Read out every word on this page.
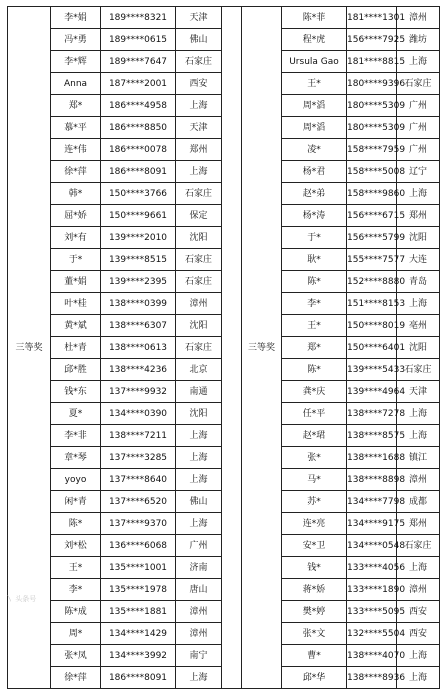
三等奖	李*娟	189****8321	天津		三等奖	陈*菲	181****1301	漳州
	冯*勇	189****0615	佛山			程*虎	156****7925	潍坊
	李*辉	189****7647	石家庄			Ursula Gao	181****8815	上海
	Anna	187****2001	西安			王*	180****9396	石家庄
	郑*	186****4958	上海			周*滔	180****5309	广州
	慕*平	186****8850	天津			周*滔	180****5309	广州
	连*伟	186****0078	郑州			凌*	158****7959	广州
	徐*萍	186****8091	上海			杨*君	158****5008	辽宁
	韩*	150****3766	石家庄			赵*弟	158****9860	上海
	屈*娇	150****9661	保定			杨*涛	156****6715	郑州
	刘*有	139****2010	沈阳			于*	156****5799	沈阳
	于*	139****8515	石家庄			耿*	155****7577	大连
	董*娟	139****2395	石家庄			陈*	152****8880	青岛
	叶*桂	138****0399	漳州			李*	151****8153	上海
	黄*斌	138****6307	沈阳			王*	150****8019	亳州
	杜*青	138****0613	石家庄			郑*	150****6401	沈阳
	邱*胜	138****4236	北京			陈*	139****5433	石家庄
	钱*东	137****9932	南通			龚*庆	139****4964	天津
	夏*	134****0390	沈阳			任*平	138****7278	上海
	李*非	138****7211	上海			赵*珺	138****8575	上海
	章*琴	137****3285	上海			张*	138****1688	镇江
	yoyo	137****8640	上海			马*	138****8898	漳州
	闲*青	137****6520	佛山			苏*	134****7798	成都
	陈*	137****9370	上海			连*亮	134****9175	郑州
	刘*松	136****6068	广州			安*卫	134****0548	石家庄
	王*	135****1001	济南			钱*	133****4056	上海
	李*	135****1978	唐山			蒋*娇	133****1890	漳州
	陈*成	135****1881	漳州			樊*婷	133****5095	西安
	周*	134****1429	漳州			张*文	132****5504	西安
	张*凤	134****3992	南宁			曹*	138****4070	上海
	徐*萍	186****8091	上海			邱*华	138****8936	上海
〵 头条号
